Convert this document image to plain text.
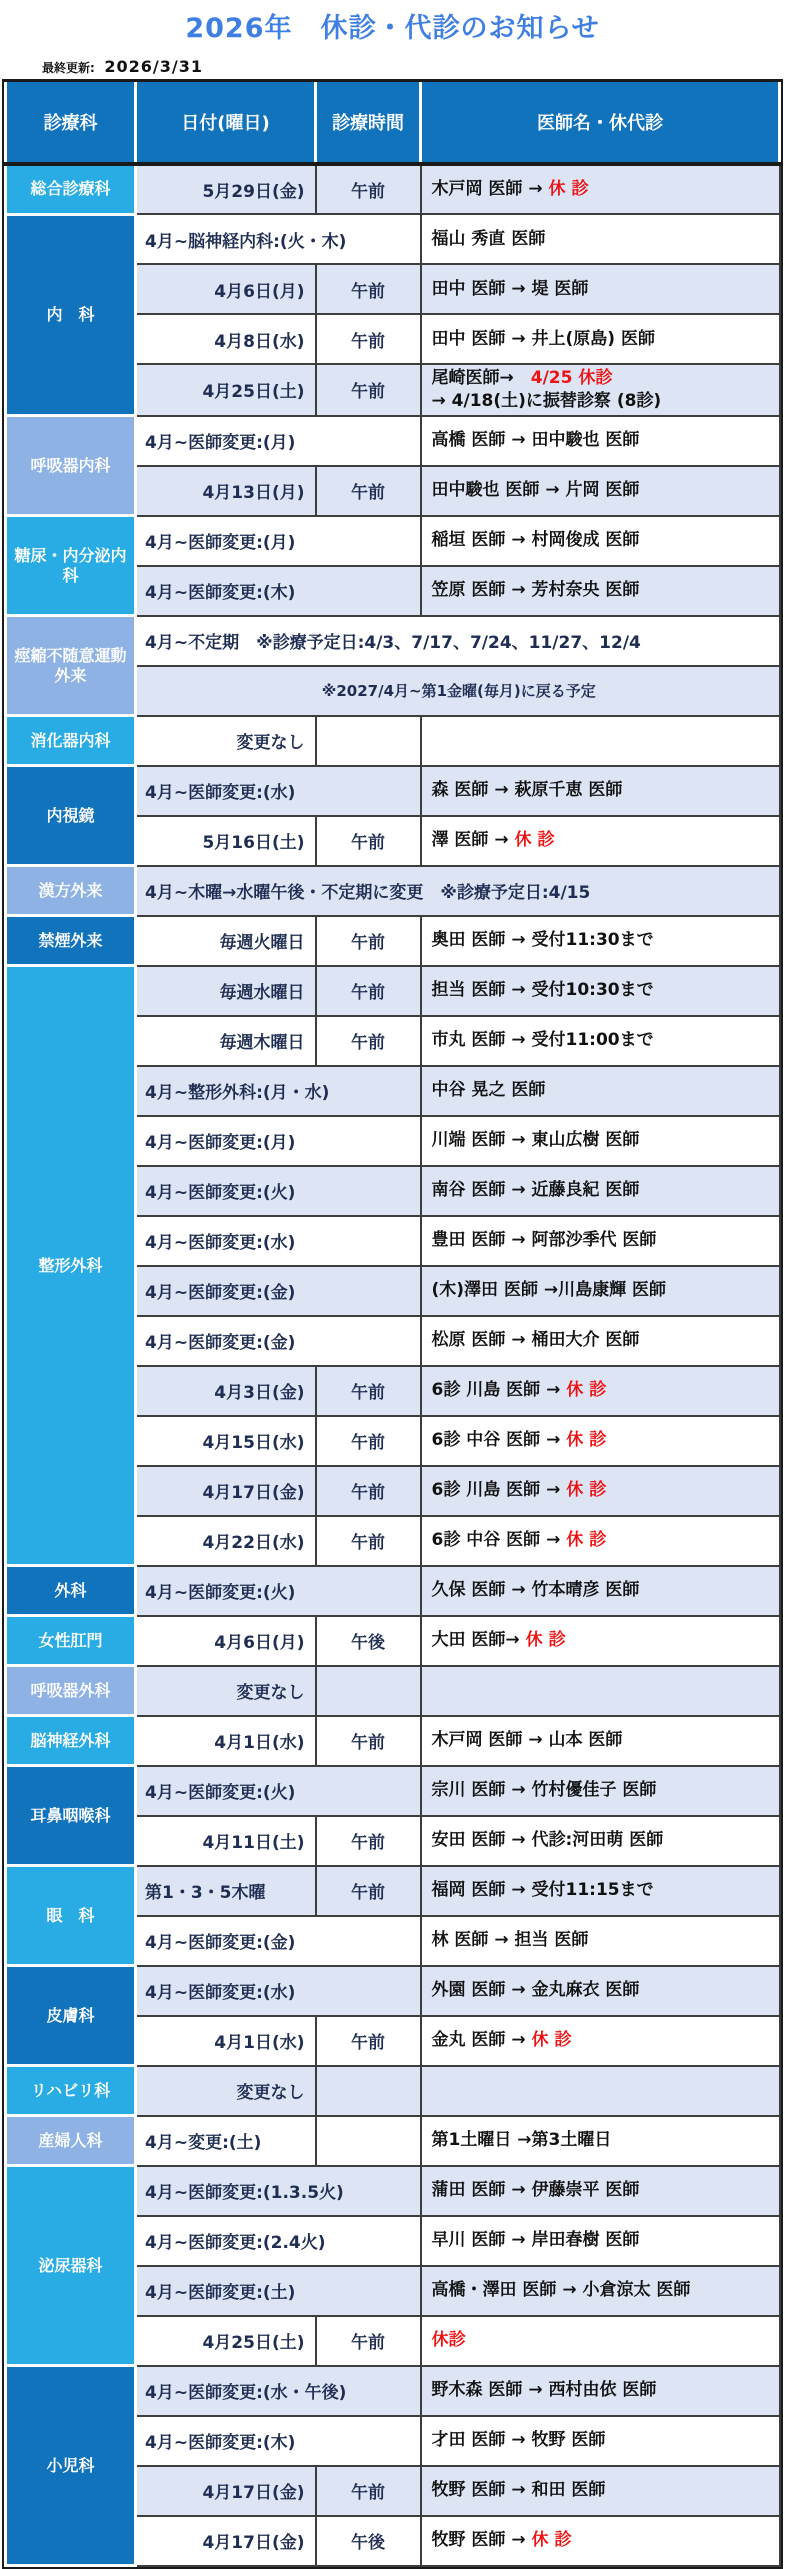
2026年　休診・代診のお知らせ
最終更新: 2026/3/31
診療科	日付(曜日)	診療時間	医師名・休代診
総合診療科	5月29日(金)	午前	木戸岡 医師 → 休 診
内　科	4月~脳神経内科:(火・木)		福山 秀直 医師
	4月6日(月)	午前	田中 医師 → 堤 医師
	4月8日(水)	午前	田中 医師 → 井上(原島) 医師
	4月25日(土)	午前	尾崎医師→　4/25 休診
→ 4/18(土)に振替診察 (8診)
呼吸器内科	4月~医師変更:(月)		高橋 医師 → 田中駿也 医師
	4月13日(月)	午前	田中駿也 医師 → 片岡 医師
糖尿・内分泌内科	4月~医師変更:(月)		稲垣 医師 → 村岡俊成 医師
	4月~医師変更:(木)		笠原 医師 → 芳村奈央 医師
痙縮不随意運動外来	4月~不定期　※診療予定日:4/3、7/17、7/24、11/27、12/4		
	※2027/4月~第1金曜(毎月)に戻る予定		
消化器内科	変更なし		
内視鏡	4月~医師変更:(水)		森 医師 → 萩原千恵 医師
	5月16日(土)	午前	澤 医師 → 休 診
漢方外来	4月~木曜→水曜午後・不定期に変更　※診療予定日:4/15		
禁煙外来	毎週火曜日	午前	奥田 医師 → 受付11:30まで
整形外科	毎週水曜日	午前	担当 医師 → 受付10:30まで
	毎週木曜日	午前	市丸 医師 → 受付11:00まで
	4月~整形外科:(月・水)		中谷 晃之 医師
	4月~医師変更:(月)		川端 医師 → 東山広樹 医師
	4月~医師変更:(火)		南谷 医師 → 近藤良紀 医師
	4月~医師変更:(水)		豊田 医師 → 阿部沙季代 医師
	4月~医師変更:(金)		(木)澤田 医師 →川島康輝 医師
	4月~医師変更:(金)		松原 医師 → 桶田大介 医師
	4月3日(金)	午前	6診 川島 医師 → 休 診
	4月15日(水)	午前	6診 中谷 医師 → 休 診
	4月17日(金)	午前	6診 川島 医師 → 休 診
	4月22日(水)	午前	6診 中谷 医師 → 休 診
外科	4月~医師変更:(火)		久保 医師 → 竹本晴彦 医師
女性肛門	4月6日(月)	午後	大田 医師→ 休 診
呼吸器外科	変更なし		
脳神経外科	4月1日(水)	午前	木戸岡 医師 → 山本 医師
耳鼻咽喉科	4月~医師変更:(火)		宗川 医師 → 竹村優佳子 医師
	4月11日(土)	午前	安田 医師 → 代診:河田萌 医師
眼　科	第1・3・5木曜	午前	福岡 医師 → 受付11:15まで
	4月~医師変更:(金)		林 医師 → 担当 医師
皮膚科	4月~医師変更:(水)		外園 医師 → 金丸麻衣 医師
	4月1日(水)	午前	金丸 医師 → 休 診
リハビリ科	変更なし		
産婦人科	4月~変更:(土)		第1土曜日 →第3土曜日
泌尿器科	4月~医師変更:(1.3.5火)		蒲田 医師 → 伊藤崇平 医師
	4月~医師変更:(2.4火)		早川 医師 → 岸田春樹 医師
	4月~医師変更:(土)		高橋・澤田 医師 → 小倉涼太 医師
	4月25日(土)	午前	休診
小児科	4月~医師変更:(水・午後)		野木森 医師 → 西村由依 医師
	4月~医師変更:(木)		才田 医師 → 牧野 医師
	4月17日(金)	午前	牧野 医師 → 和田 医師
	4月17日(金)	午後	牧野 医師 → 休 診
